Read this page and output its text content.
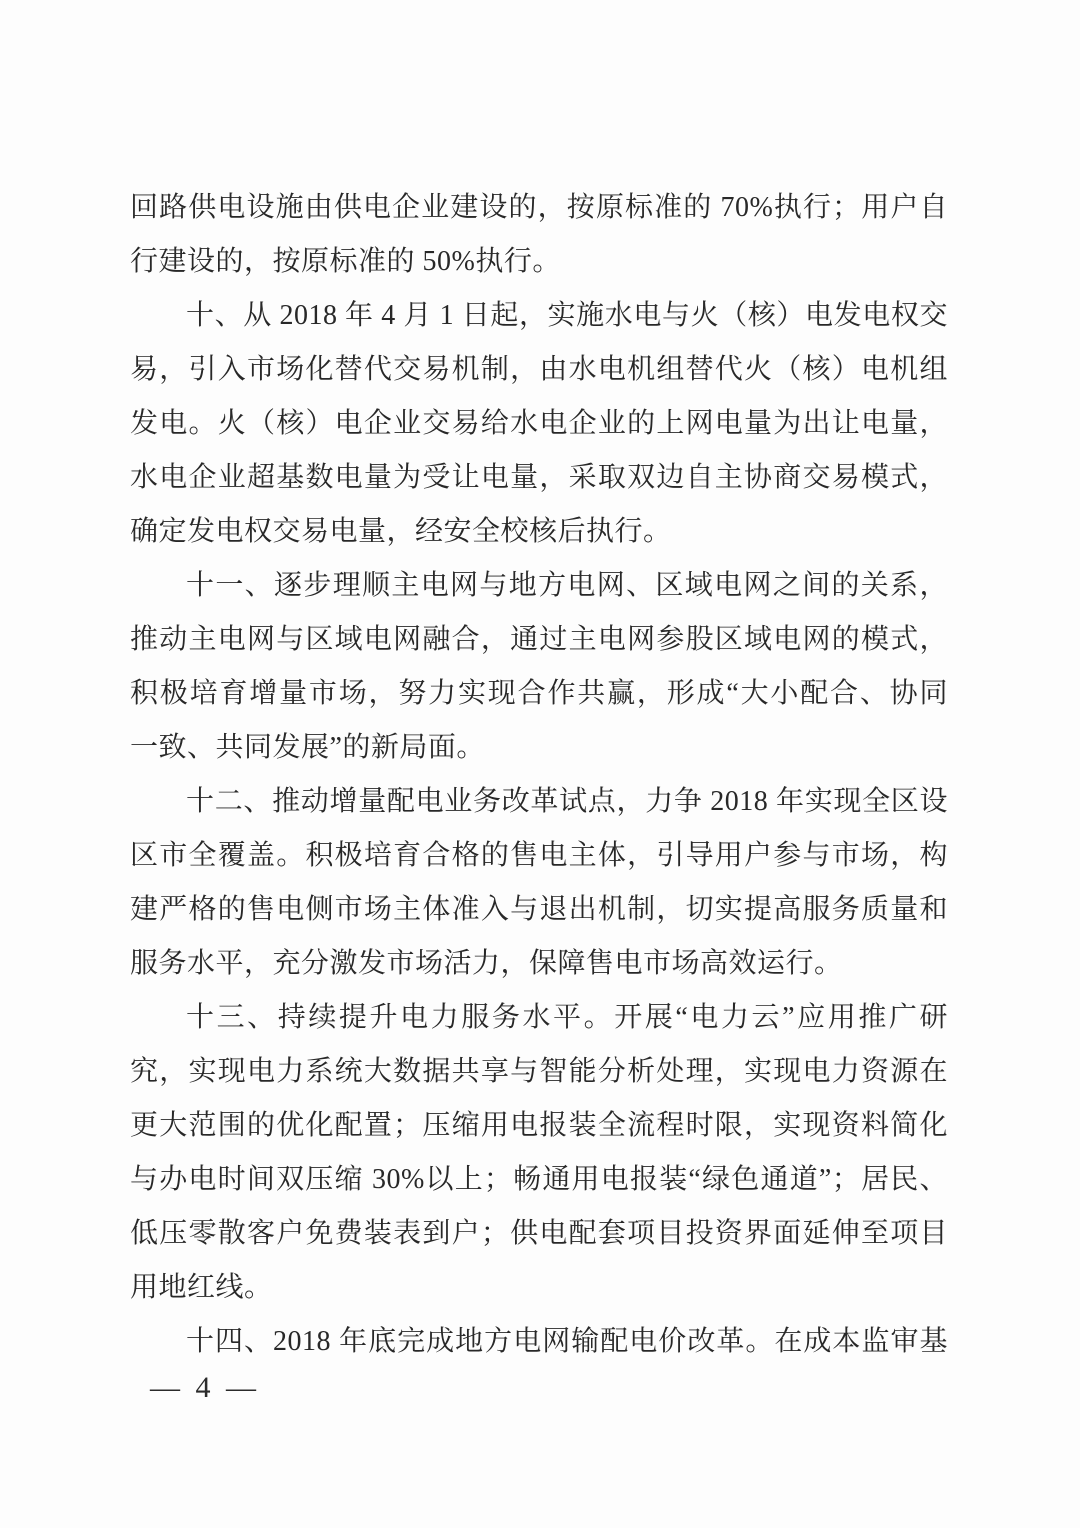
回路供电设施由供电企业建设的，按原标准的 70%执行；用户自
行建设的，按原标准的 50%执行。
十、从 2018 年 4 月 1 日起，实施水电与火（核）电发电权交
易，引入市场化替代交易机制，由水电机组替代火（核）电机组
发电。火（核）电企业交易给水电企业的上网电量为出让电量，
水电企业超基数电量为受让电量，采取双边自主协商交易模式，
确定发电权交易电量，经安全校核后执行。
十一、逐步理顺主电网与地方电网、区域电网之间的关系，
推动主电网与区域电网融合，通过主电网参股区域电网的模式，
积极培育增量市场，努力实现合作共赢，形成“大小配合、协同
一致、共同发展”的新局面。
十二、推动增量配电业务改革试点，力争 2018 年实现全区设
区市全覆盖。积极培育合格的售电主体，引导用户参与市场，构
建严格的售电侧市场主体准入与退出机制，切实提高服务质量和
服务水平，充分激发市场活力，保障售电市场高效运行。
十三、持续提升电力服务水平。开展“电力云”应用推广研
究，实现电力系统大数据共享与智能分析处理，实现电力资源在
更大范围的优化配置；压缩用电报装全流程时限，实现资料简化
与办电时间双压缩 30%以上；畅通用电报装“绿色通道”；居民、
低压零散客户免费装表到户；供电配套项目投资界面延伸至项目
用地红线。
十四、2018 年底完成地方电网输配电价改革。在成本监审基
— 4 —
